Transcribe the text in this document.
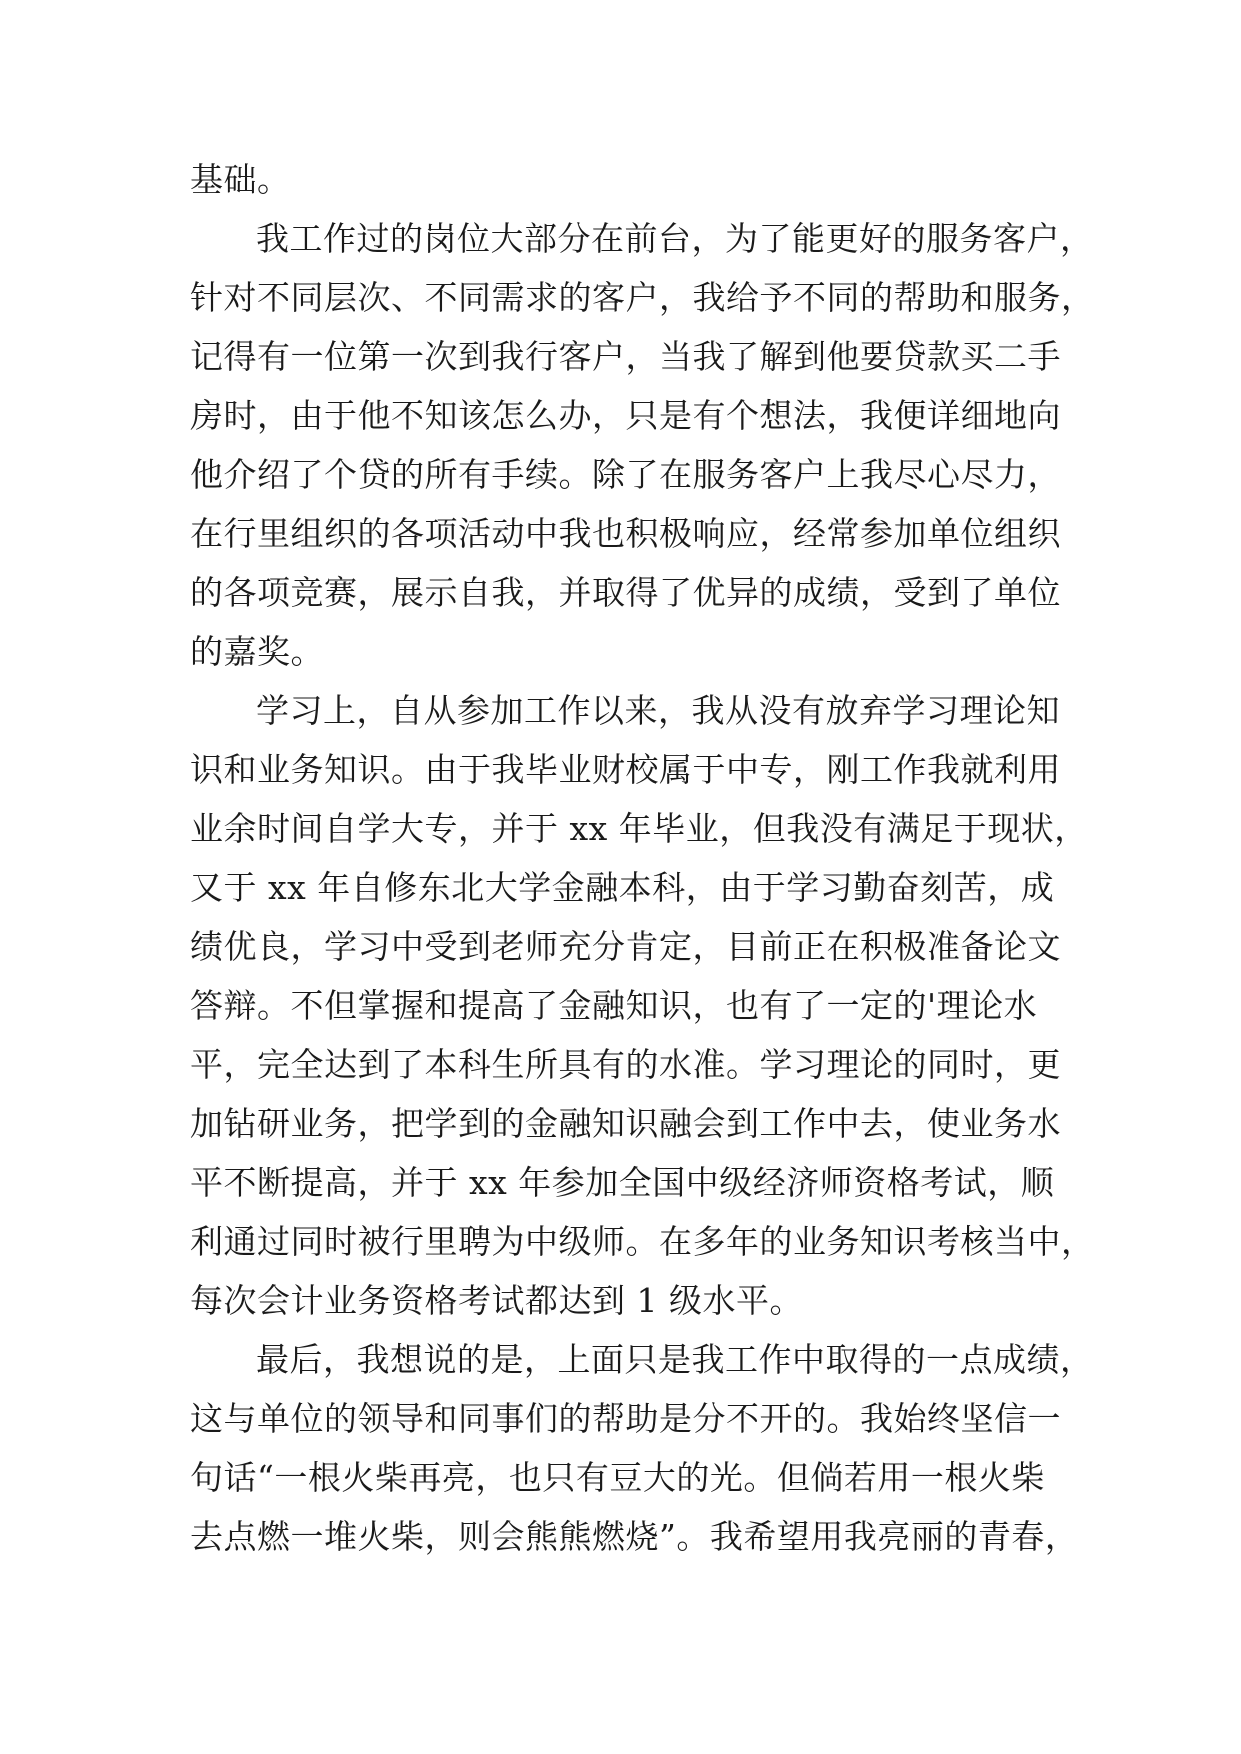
基础。
我工作过的岗位大部分在前台，为了能更好的服务客户，
针对不同层次、不同需求的客户，我给予不同的帮助和服务，
记得有一位第一次到我行客户，当我了解到他要贷款买二手
房时，由于他不知该怎么办，只是有个想法，我便详细地向
他介绍了个贷的所有手续。除了在服务客户上我尽心尽力，
在行里组织的各项活动中我也积极响应，经常参加单位组织
的各项竞赛，展示自我，并取得了优异的成绩，受到了单位
的嘉奖。
学习上，自从参加工作以来，我从没有放弃学习理论知
识和业务知识。由于我毕业财校属于中专，刚工作我就利用
业余时间自学大专，并于 xx 年毕业，但我没有满足于现状，
又于 xx 年自修东北大学金融本科，由于学习勤奋刻苦，成
绩优良，学习中受到老师充分肯定，目前正在积极准备论文
答辩。不但掌握和提高了金融知识，也有了一定的'理论水
平，完全达到了本科生所具有的水准。学习理论的同时，更
加钻研业务，把学到的金融知识融会到工作中去，使业务水
平不断提高，并于 xx 年参加全国中级经济师资格考试，顺
利通过同时被行里聘为中级师。在多年的业务知识考核当中，
每次会计业务资格考试都达到 1 级水平。
最后，我想说的是，上面只是我工作中取得的一点成绩，
这与单位的领导和同事们的帮助是分不开的。我始终坚信一
句话“一根火柴再亮，也只有豆大的光。但倘若用一根火柴
去点燃一堆火柴，则会熊熊燃烧”。我希望用我亮丽的青春，
